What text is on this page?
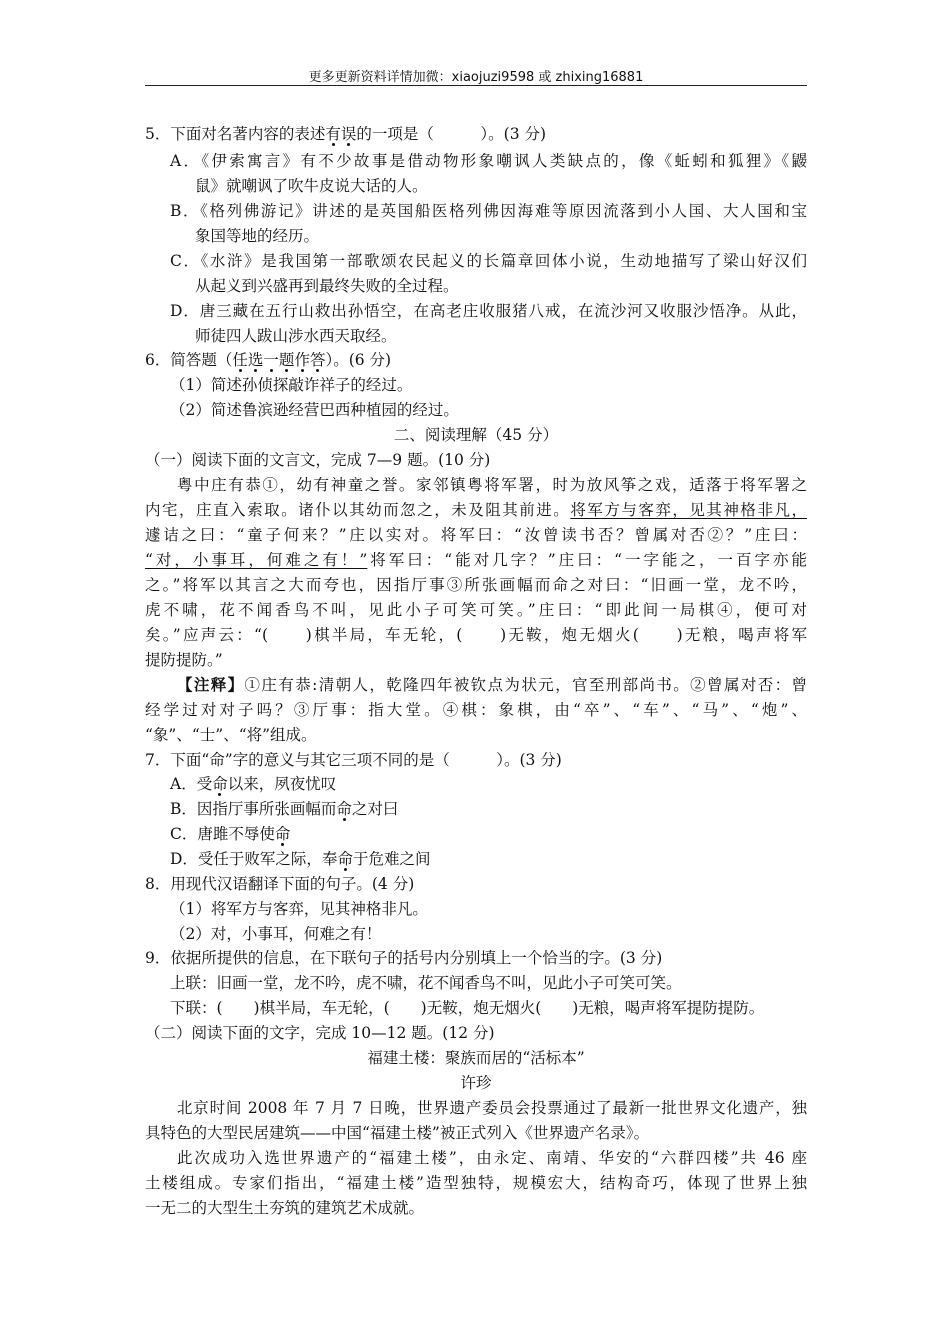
更多更新资料详情加微：xiaojuzi9598 或 zhixing16881
5．下面对名著内容的表述有误的一项是（　　　）。(3 分)
A．《伊索寓言》有不少故事是借动物形象嘲讽人类缺点的，像《蚯蚓和狐狸》《鼹
鼠》就嘲讽了吹牛皮说大话的人。
B．《格列佛游记》讲述的是英国船医格列佛因海难等原因流落到小人国、大人国和宝
象国等地的经历。
C．《水浒》是我国第一部歌颂农民起义的长篇章回体小说，生动地描写了梁山好汉们
从起义到兴盛再到最终失败的全过程。
D．唐三藏在五行山救出孙悟空，在高老庄收服猪八戒，在流沙河又收服沙悟净。从此，
师徒四人跋山涉水西天取经。
6．简答题（任选一题作答）。(6 分)
（1）简述孙侦探敲诈祥子的经过。
（2）简述鲁滨逊经营巴西种植园的经过。
二、阅读理解（45 分）
（一）阅读下面的文言文，完成 7—9 题。(10 分)
粤中庄有恭①，幼有神童之誉。家邻镇粤将军署，时为放风筝之戏，适落于将军署之
内宅，庄直入索取。诸仆以其幼而忽之，未及阻其前进。将军方与客弈，见其神格非凡，
遽诘之曰：“童子何来？”庄以实对。将军曰：“汝曾读书否？曾属对否②？”庄曰：
“对，小事耳，何难之有！”将军曰：“能对几字？”庄曰：“一字能之，一百字亦能
之。”将军以其言之大而夸也，因指厅事③所张画幅而命之对曰：“旧画一堂，龙不吟，
虎不啸，花不闻香鸟不叫，见此小子可笑可笑。”庄曰：“即此间一局棋④，便可对
矣。”应声云：“(　　)棋半局，车无轮，(　　)无鞍，炮无烟火(　　)无粮，喝声将军
提防提防。”
【注释】①庄有恭:清朝人，乾隆四年被钦点为状元，官至刑部尚书。②曾属对否：曾
经学过对对子吗？③厅事：指大堂。④棋：象棋，由“卒”、“车”、“马”、“炮”、
“象”、“士”、“将”组成。
7．下面“命”字的意义与其它三项不同的是（　　　）。(3 分)
A．受命以来，夙夜忧叹
B．因指厅事所张画幅而命之对曰
C．唐雎不辱使命
D．受任于败军之际，奉命于危难之间
8．用现代汉语翻译下面的句子。(4 分)
（1）将军方与客弈，见其神格非凡。
（2）对，小事耳，何难之有！
9．依据所提供的信息，在下联句子的括号内分别填上一个恰当的字。(3 分)
上联：旧画一堂，龙不吟，虎不啸，花不闻香鸟不叫，见此小子可笑可笑。
下联：(　　)棋半局，车无轮，(　　)无鞍，炮无烟火(　　)无粮，喝声将军提防提防。
（二）阅读下面的文字，完成 10—12 题。(12 分)
福建土楼：聚族而居的“活标本”
许珍
北京时间 2008 年 7 月 7 日晚，世界遗产委员会投票通过了最新一批世界文化遗产，独
具特色的大型民居建筑——中国“福建土楼”被正式列入《世界遗产名录》。
此次成功入选世界遗产的“福建土楼”，由永定、南靖、华安的“六群四楼”共 46 座
土楼组成。专家们指出，“福建土楼”造型独特，规模宏大，结构奇巧，体现了世界上独
一无二的大型生土夯筑的建筑艺术成就。
